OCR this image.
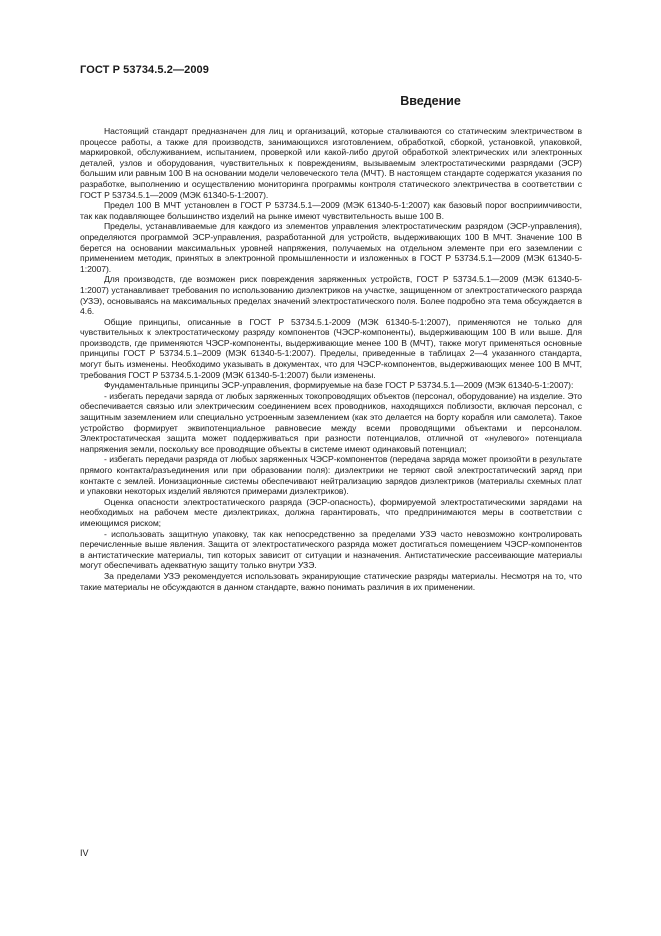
ГОСТ Р 53734.5.2—2009
Введение

Настоящий стандарт предназначен для лиц и организаций, которые сталкиваются со статическим электричеством в процессе работы, а также для производств, занимающихся изготовлением, обработкой, сборкой, установкой, упаковкой, маркировкой, обслуживанием, испытанием, проверкой или какой-либо другой обработкой электрических или электронных деталей, узлов и оборудования, чувствительных к повреждениям, вызываемым электростатическими разрядами (ЭСР) большим или равным 100 В на основании модели человеческого тела (МЧТ). В настоящем стандарте содержатся указания по разработке, выполнению и осуществлению мониторинга программы контроля статического электричества в соответствии с ГОСТ Р 53734.5.1—2009 (МЭК 61340-5-1:2007).

Предел 100 В МЧТ установлен в ГОСТ Р 53734.5.1—2009 (МЭК 61340-5-1:2007) как базовый порог восприимчивости, так как подавляющее большинство изделий на рынке имеют чувствительность выше 100 В.

Пределы, устанавливаемые для каждого из элементов управления электростатическим разрядом (ЭСР-управления), определяются программой ЭСР-управления, разработанной для устройств, выдерживающих 100 В МЧТ. Значение 100 В берется на основании максимальных уровней напряжения, получаемых на отдельном элементе при его заземлении с применением методик, принятых в электронной промышленности и изложенных в ГОСТ Р 53734.5.1—2009 (МЭК 61340-5-1:2007).

Для производств, где возможен риск повреждения заряженных устройств, ГОСТ Р 53734.5.1—2009 (МЭК 61340-5-1:2007) устанавливает требования по использованию диэлектриков на участке, защищенном от электростатического разряда (УЗЭ), основываясь на максимальных пределах значений электростатического поля. Более подробно эта тема обсуждается в 4.6.

Общие принципы, описанные в ГОСТ Р 53734.5.1-2009 (МЭК 61340-5-1:2007), применяются не только для чувствительных к электростатическому разряду компонентов (ЧЭСР-компоненты), выдерживающим 100 В или выше. Для производств, где применяются ЧЭСР-компоненты, выдерживающие менее 100 В (МЧТ), также могут применяться основные принципы ГОСТ Р 53734.5.1–2009 (МЭК 61340-5-1:2007). Пределы, приведенные в таблицах 2—4 указанного стандарта, могут быть изменены. Необходимо указывать в документах, что для ЧЭСР-компонентов, выдерживающих менее 100 В МЧТ, требования ГОСТ Р 53734.5.1-2009 (МЭК 61340-5-1:2007) были изменены.

Фундаментальные принципы ЭСР-управления, формируемые на базе ГОСТ Р 53734.5.1—2009 (МЭК 61340-5-1:2007):

- избегать передачи заряда от любых заряженных токопроводящих объектов (персонал, оборудование) на изделие. Это обеспечивается связью или электрическим соединением всех проводников, находящихся поблизости, включая персонал, с защитным заземлением или специально устроенным заземлением (как это делается на борту корабля или самолета). Такое устройство формирует эквипотенциальное равновесие между всеми проводящими объектами и персоналом. Электростатическая защита может поддерживаться при разности потенциалов, отличной от «нулевого» потенциала напряжения земли, поскольку все проводящие объекты в системе имеют одинаковый потенциал;

- избегать передачи разряда от любых заряженных ЧЭСР-компонентов (передача заряда может произойти в результате прямого контакта/разъединения или при образовании поля): диэлектрики не теряют свой электростатический заряд при контакте с землей. Ионизационные системы обеспечивают нейтрализацию зарядов диэлектриков (материалы схемных плат и упаковки некоторых изделий являются примерами диэлектриков).

Оценка опасности электростатического разряда (ЭСР-опасность), формируемой электростатическими зарядами на необходимых на рабочем месте диэлектриках, должна гарантировать, что предпринимаются меры в соответствии с имеющимся риском;

- использовать защитную упаковку, так как непосредственно за пределами УЗЭ часто невозможно контролировать перечисленные выше явления. Защита от электростатического разряда может достигаться помещением ЧЭСР-компонентов в антистатические материалы, тип которых зависит от ситуации и назначения. Антистатические рассеивающие материалы могут обеспечивать адекватную защиту только внутри УЗЭ.

За пределами УЗЭ рекомендуется использовать экранирующие статические разряды материалы. Несмотря на то, что такие материалы не обсуждаются в данном стандарте, важно понимать различия в их применении.

IV
